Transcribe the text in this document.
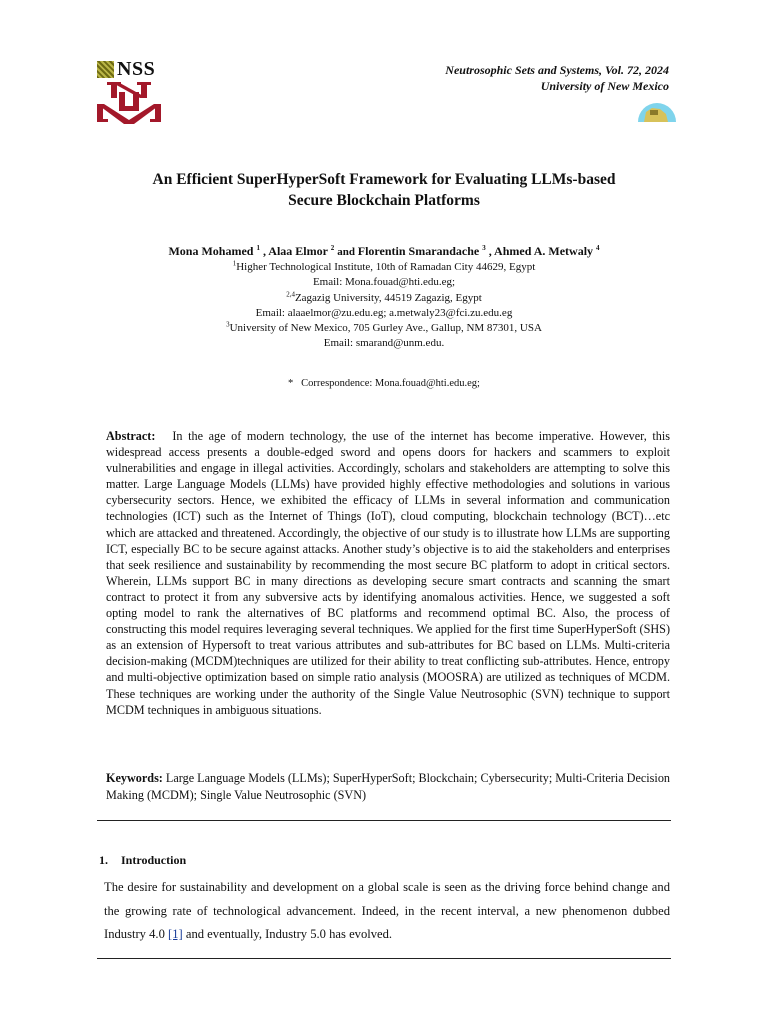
NSS	Neutrosophic Sets and Systems, Vol. 72, 2024
University of New Mexico
An Efficient SuperHyperSoft Framework for Evaluating LLMs-based
Secure Blockchain Platforms
Mona Mohamed $^1$ , Alaa Elmor $^2$ and Florentin Smarandache $^3$ , Ahmed A. Metwaly $^4$
$^1$Higher Technological Institute, 10th of Ramadan City 44629, Egypt
Email: Mona.fouad@hti.edu.eg;
$^{2,4}$Zagazig University, 44519 Zagazig, Egypt
Email: alaaelmor@zu.edu.eg; a.metwaly23@fci.zu.edu.eg
$^3$University of New Mexico, 705 Gurley Ave., Gallup, NM 87301, USA
Email: smarand@unm.edu.
* Correspondence: Mona.fouad@hti.edu.eg;
Abstract: In the age of modern technology, the use of the internet has become imperative. However, this widespread access presents a double-edged sword and opens doors for hackers and scammers to exploit vulnerabilities and engage in illegal activities. Accordingly, scholars and stakeholders are attempting to solve this matter. Large Language Models (LLMs) have provided highly effective methodologies and solutions in various cybersecurity sectors. Hence, we exhibited the efficacy of LLMs in several information and communication technologies (ICT) such as the Internet of Things (IoT), cloud computing, blockchain technology (BCT)…etc which are attacked and threatened. Accordingly, the objective of our study is to illustrate how LLMs are supporting ICT, especially BC to be secure against attacks. Another study’s objective is to aid the stakeholders and enterprises that seek resilience and sustainability by recommending the most secure BC platform to adopt in critical sectors. Wherein, LLMs support BC in many directions as developing secure smart contracts and scanning the smart contract to protect it from any subversive acts by identifying anomalous activities. Hence, we suggested a soft opting model to rank the alternatives of BC platforms and recommend optimal BC. Also, the process of constructing this model requires leveraging several techniques. We applied for the first time SuperHyperSoft (SHS) as an extension of Hypersoft to treat various attributes and sub-attributes for BC based on LLMs. Multi-criteria decision-making (MCDM)techniques are utilized for their ability to treat conflicting sub-attributes. Hence, entropy and multi-objective optimization based on simple ratio analysis (MOOSRA) are utilized as techniques of MCDM. These techniques are working under the authority of the Single Value Neutrosophic (SVN) technique to support MCDM techniques in ambiguous situations.
Keywords: Large Language Models (LLMs); SuperHyperSoft; Blockchain; Cybersecurity; Multi-Criteria Decision Making (MCDM); Single Value Neutrosophic (SVN)
1. Introduction
The desire for sustainability and development on a global scale is seen as the driving force behind change and the growing rate of technological advancement. Indeed, in the recent interval, a new phenomenon dubbed Industry 4.0 [1] and eventually, Industry 5.0 has evolved.
